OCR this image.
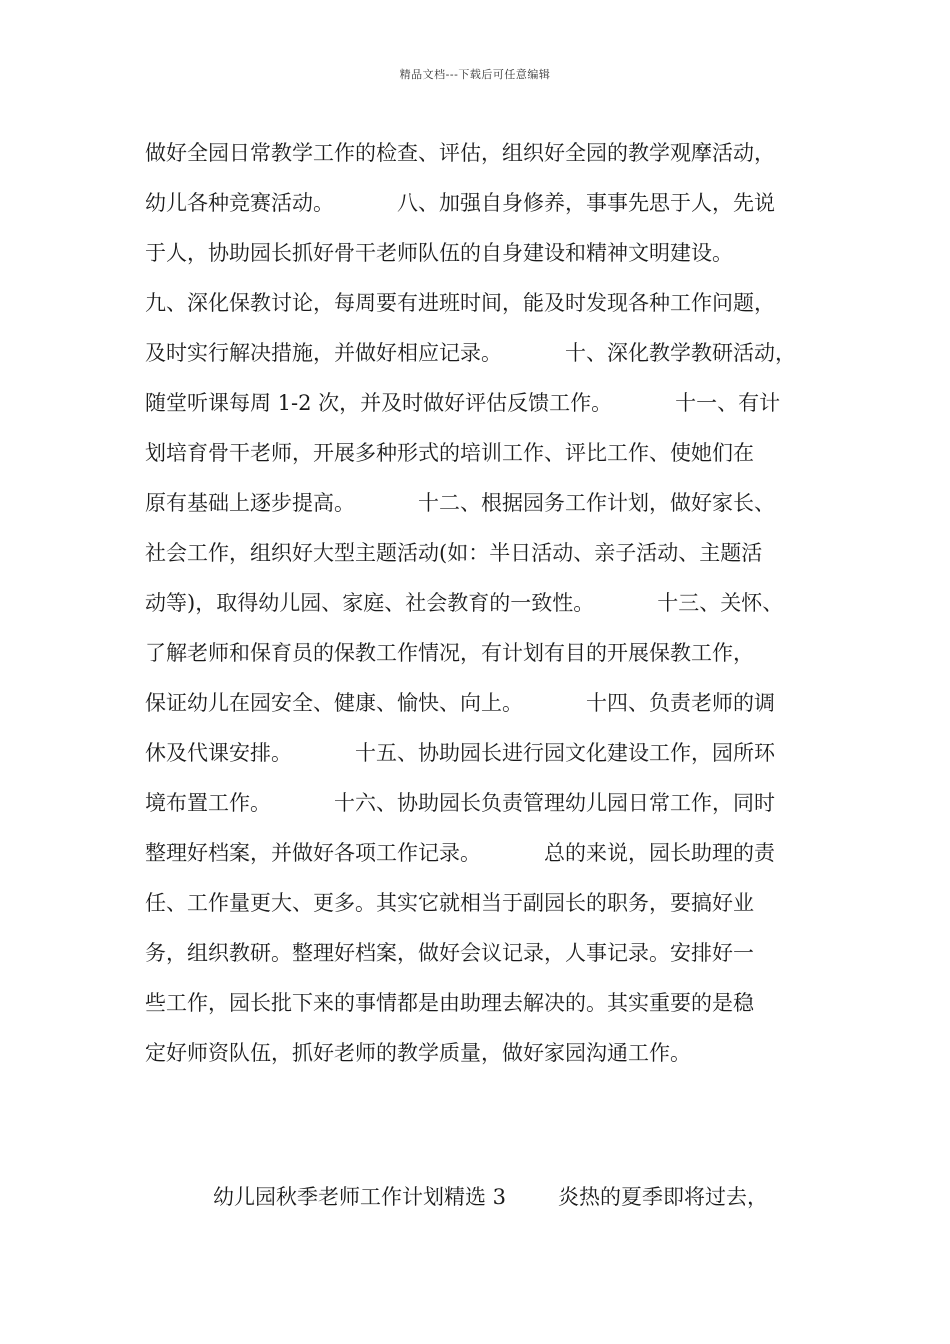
精品文档---下载后可任意编辑
做好全园日常教学工作的检查、评估，组织好全园的教学观摩活动，
幼儿各种竞赛活动。	八、加强自身修养，事事先思于人，先说
于人，协助园长抓好骨干老师队伍的自身建设和精神文明建设。
九、深化保教讨论，每周要有进班时间，能及时发现各种工作问题，
及时实行解决措施，并做好相应记录。	十、深化教学教研活动，
随堂听课每周 1-2 次，并及时做好评估反馈工作。	十一、有计
划培育骨干老师，开展多种形式的培训工作、评比工作、使她们在
原有基础上逐步提高。	十二、根据园务工作计划，做好家长、
社会工作，组织好大型主题活动(如：半日活动、亲子活动、主题活
动等)，取得幼儿园、家庭、社会教育的一致性。	十三、关怀、
了解老师和保育员的保教工作情况，有计划有目的开展保教工作，
保证幼儿在园安全、健康、愉快、向上。	十四、负责老师的调
休及代课安排。	十五、协助园长进行园文化建设工作，园所环
境布置工作。	十六、协助园长负责管理幼儿园日常工作，同时
整理好档案，并做好各项工作记录。	总的来说，园长助理的责
任、工作量更大、更多。其实它就相当于副园长的职务，要搞好业
务，组织教研。整理好档案，做好会议记录，人事记录。安排好一
些工作，园长批下来的事情都是由助理去解决的。其实重要的是稳
定好师资队伍，抓好老师的教学质量，做好家园沟通工作。
幼儿园秋季老师工作计划精选 3 炎热的夏季即将过去，
